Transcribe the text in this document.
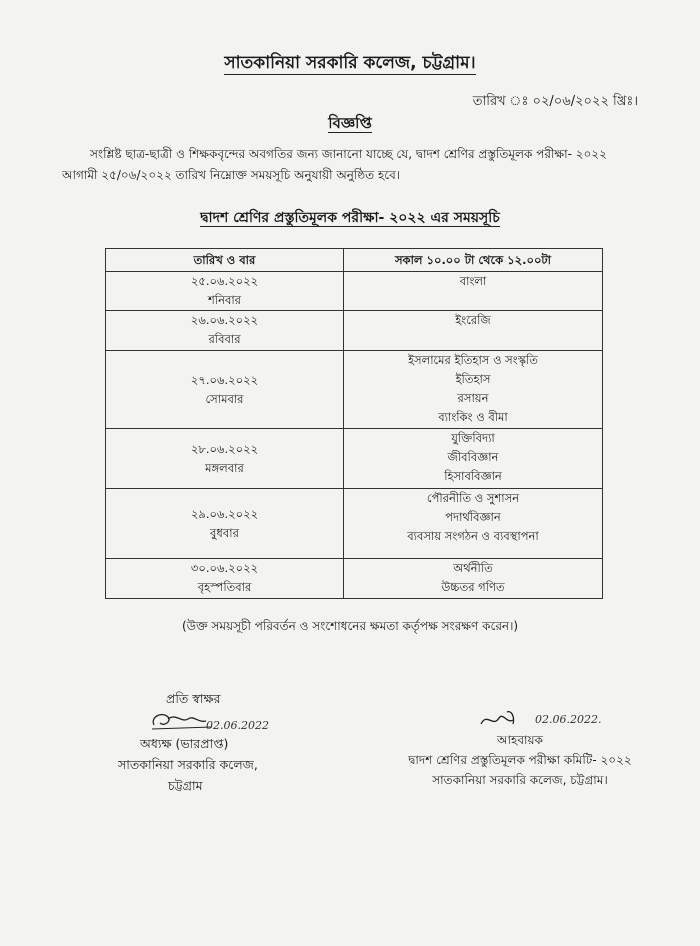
সাতকানিয়া সরকারি কলেজ, চট্টগ্রাম।
তারিখ ঃ ০২/০৬/২০২২ খ্রিঃ।
বিজ্ঞপ্তি

সংশ্লিষ্ট ছাত্র-ছাত্রী ও শিক্ষকবৃন্দের অবগতির জন্য জানানো যাচ্ছে যে, দ্বাদশ শ্রেণির প্রস্তুতিমূলক পরীক্ষা- ২০২২

আগামী ২৫/০৬/২০২২ তারিখ নিম্নোক্ত সময়সূচি অনুযায়ী অনুষ্ঠিত হবে।

দ্বাদশ শ্রেণির প্রস্তুতিমূলক পরীক্ষা- ২০২২ এর সময়সূচি
তারিখ ও বার	সকাল ১০.০০ টা থেকে ১২.০০টা

২৫.০৬.২০২২
শনিবার	বাংলা

২৬.০৬.২০২২
রবিবার	ইংরেজি

২৭.০৬.২০২২
সোমবার	ইসলামের ইতিহাস ও সংস্কৃতি
ইতিহাস
রসায়ন
ব্যাংকিং ও বীমা

২৮.০৬.২০২২
মঙ্গলবার	যুক্তিবিদ্যা
জীববিজ্ঞান
হিসাববিজ্ঞান

২৯.০৬.২০২২
বুধবার	পৌরনীতি ও সুশাসন
পদার্থবিজ্ঞান
ব্যবসায় সংগঠন ও ব্যবস্থাপনা

৩০.০৬.২০২২
বৃহস্পতিবার	অর্থনীতি
উচ্চতর গণিত
(উক্ত সময়সূচী পরিবর্তন ও সংশোধনের ক্ষমতা কর্তৃপক্ষ সংরক্ষণ করেন।)
প্রতি স্বাক্ষর
02.06.2022
অধ্যক্ষ (ভারপ্রাপ্ত)
সাতকানিয়া সরকারি কলেজ,
চট্টগ্রাম
02.06.2022.
আহবায়ক
দ্বাদশ শ্রেণির প্রস্তুতিমূলক পরীক্ষা কমিটি- ২০২২
সাতকানিয়া সরকারি কলেজ, চট্টগ্রাম।
